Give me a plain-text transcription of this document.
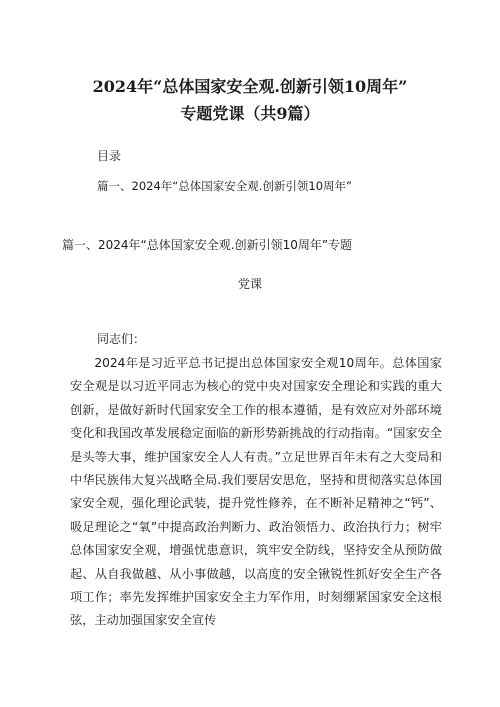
2024年“总体国家安全观.创新引领10周年”
专题党课（共9篇）
目录
篇一、2024年“总体国家安全观.创新引领10周年”
篇一、2024年“总体国家安全观.创新引领10周年”专题
党课
同志们：

2024年是习近平总书记提出总体国家安全观10周年。总体国家安全观是以习近平同志为核心的党中央对国家安全理论和实践的重大创新，是做好新时代国家安全工作的根本遵循，是有效应对外部环境变化和我国改革发展稳定面临的新形势新挑战的行动指南。“国家安全是头等大事，维护国家安全人人有责。”立足世界百年未有之大变局和中华民族伟大复兴战略全局.我们要居安思危，坚持和贯彻落实总体国家安全观，强化理论武装，提升党性修养，在不断补足精神之“钙”、吸足理论之“氧”中提高政治判断力、政治领悟力、政治执行力；树牢总体国家安全观，增强忧患意识，筑牢安全防线，坚持安全从预防做起、从自我做越、从小事做越，以高度的安全锹锐性抓好安全生产各项工作；率先发挥维护国家安全主力军作用，时刻绷紧国家安全这根弦，主动加强国家安全宣传
